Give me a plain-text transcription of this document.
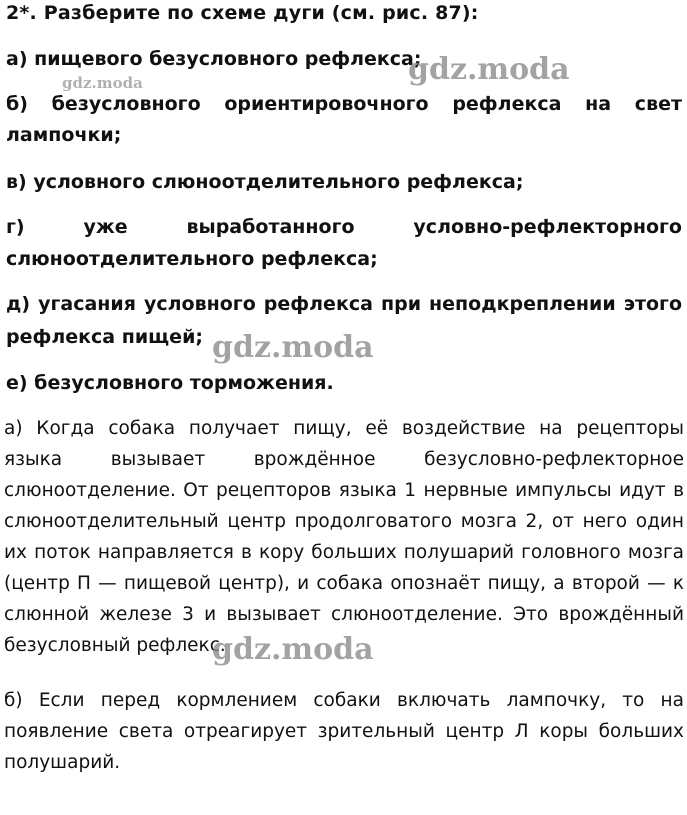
2*. Разберите по схеме дуги (см. рис. 87):
а) пищевого безусловного рефлекса;
б) безусловного ориентировочного рефлекса на свет
лампочки;
в) условного слюноотделительного рефлекса;
г) уже выработанного условно-рефлекторного
слюноотделительного рефлекса;
д) угасания условного рефлекса при неподкреплении этого
рефлекса пищей;
е) безусловного торможения.
а) Когда собака получает пищу, её воздействие на рецепторы языка вызывает врождённое безусловно-рефлекторное слюноотделение. От рецепторов языка 1 нервные импульсы идут в слюноотделительный центр продолговатого мозга 2, от него один их поток направляется в кору больших полушарий головного мозга (центр П — пищевой центр), и собака опознаёт пищу, а второй — к слюнной железе 3 и вызывает слюноотделение. Это врождённый безусловный рефлекс.
б) Если перед кормлением собаки включать лампочку, то на появление света отреагирует зрительный центр Л коры больших полушарий.
gdz.moda	gdz.moda
gdz.moda
gdz.moda
